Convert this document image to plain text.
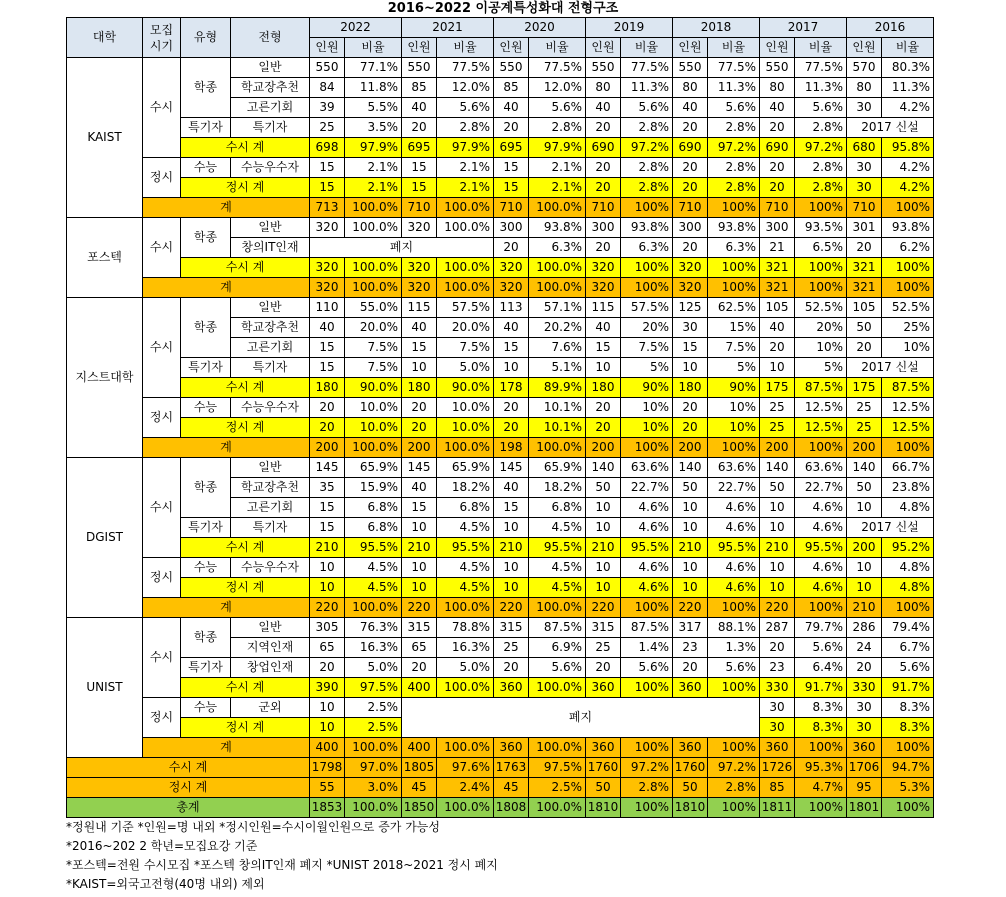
2016~2022 이공계특성화대 전형구조
대학	모집
시기	유형	전형	2022		2021		2020		2019		2018		2017		2016	
				인원	비율	인원	비율	인원	비율	인원	비율	인원	비율	인원	비율	인원	비율
KAIST	수시	학종	일반	550	77.1%	550	77.5%	550	77.5%	550	77.5%	550	77.5%	550	77.5%	570	80.3%
			학교장추천	84	11.8%	85	12.0%	85	12.0%	80	11.3%	80	11.3%	80	11.3%	80	11.3%
			고른기회	39	5.5%	40	5.6%	40	5.6%	40	5.6%	40	5.6%	40	5.6%	30	4.2%
		특기자	특기자	25	3.5%	20	2.8%	20	2.8%	20	2.8%	20	2.8%	20	2.8%	2017 신설	
		수시 계		698	97.9%	695	97.9%	695	97.9%	690	97.2%	690	97.2%	690	97.2%	680	95.8%
	정시	수능	수능우수자	15	2.1%	15	2.1%	15	2.1%	20	2.8%	20	2.8%	20	2.8%	30	4.2%
		정시 계		15	2.1%	15	2.1%	15	2.1%	20	2.8%	20	2.8%	20	2.8%	30	4.2%
	계			713	100.0%	710	100.0%	710	100.0%	710	100%	710	100%	710	100%	710	100%
포스텍	수시	학종	일반	320	100.0%	320	100.0%	300	93.8%	300	93.8%	300	93.8%	300	93.5%	301	93.8%
			창의IT인재	폐지				20	6.3%	20	6.3%	20	6.3%	21	6.5%	20	6.2%
		수시 계		320	100.0%	320	100.0%	320	100.0%	320	100%	320	100%	321	100%	321	100%
	계			320	100.0%	320	100.0%	320	100.0%	320	100%	320	100%	321	100%	321	100%
지스트대학	수시	학종	일반	110	55.0%	115	57.5%	113	57.1%	115	57.5%	125	62.5%	105	52.5%	105	52.5%
			학교장추천	40	20.0%	40	20.0%	40	20.2%	40	20%	30	15%	40	20%	50	25%
			고른기회	15	7.5%	15	7.5%	15	7.6%	15	7.5%	15	7.5%	20	10%	20	10%
		특기자	특기자	15	7.5%	10	5.0%	10	5.1%	10	5%	10	5%	10	5%	2017 신설	
		수시 계		180	90.0%	180	90.0%	178	89.9%	180	90%	180	90%	175	87.5%	175	87.5%
	정시	수능	수능우수자	20	10.0%	20	10.0%	20	10.1%	20	10%	20	10%	25	12.5%	25	12.5%
		정시 계		20	10.0%	20	10.0%	20	10.1%	20	10%	20	10%	25	12.5%	25	12.5%
	계			200	100.0%	200	100.0%	198	100.0%	200	100%	200	100%	200	100%	200	100%
DGIST	수시	학종	일반	145	65.9%	145	65.9%	145	65.9%	140	63.6%	140	63.6%	140	63.6%	140	66.7%
			학교장추천	35	15.9%	40	18.2%	40	18.2%	50	22.7%	50	22.7%	50	22.7%	50	23.8%
			고른기회	15	6.8%	15	6.8%	15	6.8%	10	4.6%	10	4.6%	10	4.6%	10	4.8%
		특기자	특기자	15	6.8%	10	4.5%	10	4.5%	10	4.6%	10	4.6%	10	4.6%	2017 신설	
		수시 계		210	95.5%	210	95.5%	210	95.5%	210	95.5%	210	95.5%	210	95.5%	200	95.2%
	정시	수능	수능우수자	10	4.5%	10	4.5%	10	4.5%	10	4.6%	10	4.6%	10	4.6%	10	4.8%
		정시 계		10	4.5%	10	4.5%	10	4.5%	10	4.6%	10	4.6%	10	4.6%	10	4.8%
	계			220	100.0%	220	100.0%	220	100.0%	220	100%	220	100%	220	100%	210	100%
UNIST	수시	학종	일반	305	76.3%	315	78.8%	315	87.5%	315	87.5%	317	88.1%	287	79.7%	286	79.4%
			지역인재	65	16.3%	65	16.3%	25	6.9%	25	1.4%	23	1.3%	20	5.6%	24	6.7%
		특기자	창업인재	20	5.0%	20	5.0%	20	5.6%	20	5.6%	20	5.6%	23	6.4%	20	5.6%
		수시 계		390	97.5%	400	100.0%	360	100.0%	360	100%	360	100%	330	91.7%	330	91.7%
	정시	수능	군외	10	2.5%	폐지								30	8.3%	30	8.3%
		정시 계		10	2.5%									30	8.3%	30	8.3%
	계			400	100.0%	400	100.0%	360	100.0%	360	100%	360	100%	360	100%	360	100%
수시 계				1798	97.0%	1805	97.6%	1763	97.5%	1760	97.2%	1760	97.2%	1726	95.3%	1706	94.7%
정시 계				55	3.0%	45	2.4%	45	2.5%	50	2.8%	50	2.8%	85	4.7%	95	5.3%
총계				1853	100.0%	1850	100.0%	1808	100.0%	1810	100%	1810	100%	1811	100%	1801	100%
*정원내 기준 *인원=명 내외 *정시인원=수시이월인원으로 증가 가능성
*2016~202 2 학년=모집요강 기준
*포스텍=전원 수시모집 *포스텍 창의IT인재 폐지 *UNIST 2018~2021 정시 폐지
*KAIST=외국고전형(40명 내외) 제외
